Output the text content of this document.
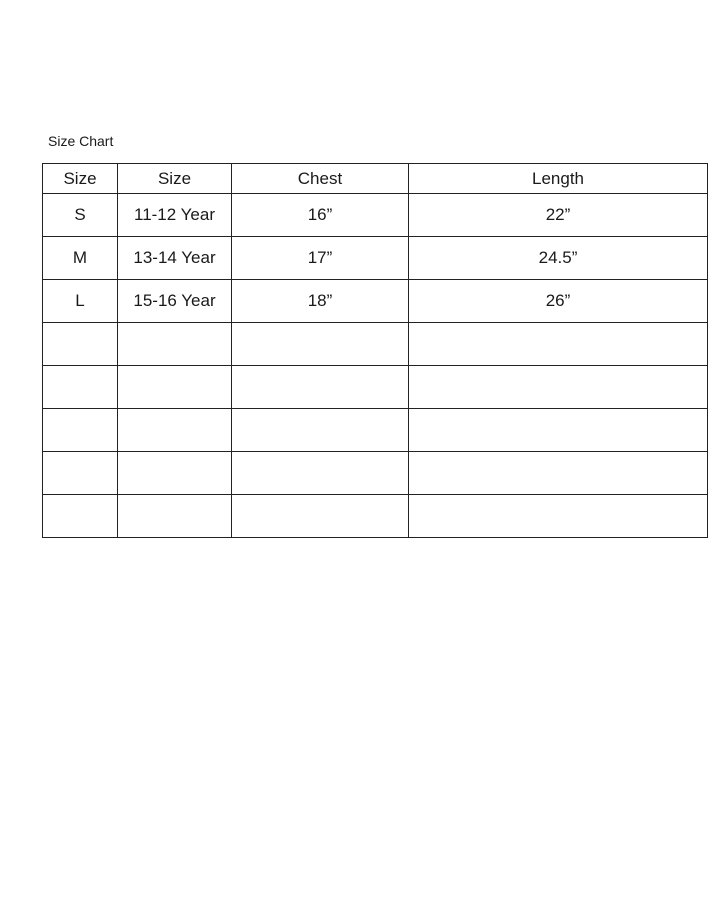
Size Chart
Size	Size	Chest	Length
S	11-12 Year	16”	22”
M	13-14 Year	17”	24.5”
L	15-16 Year	18”	26”
